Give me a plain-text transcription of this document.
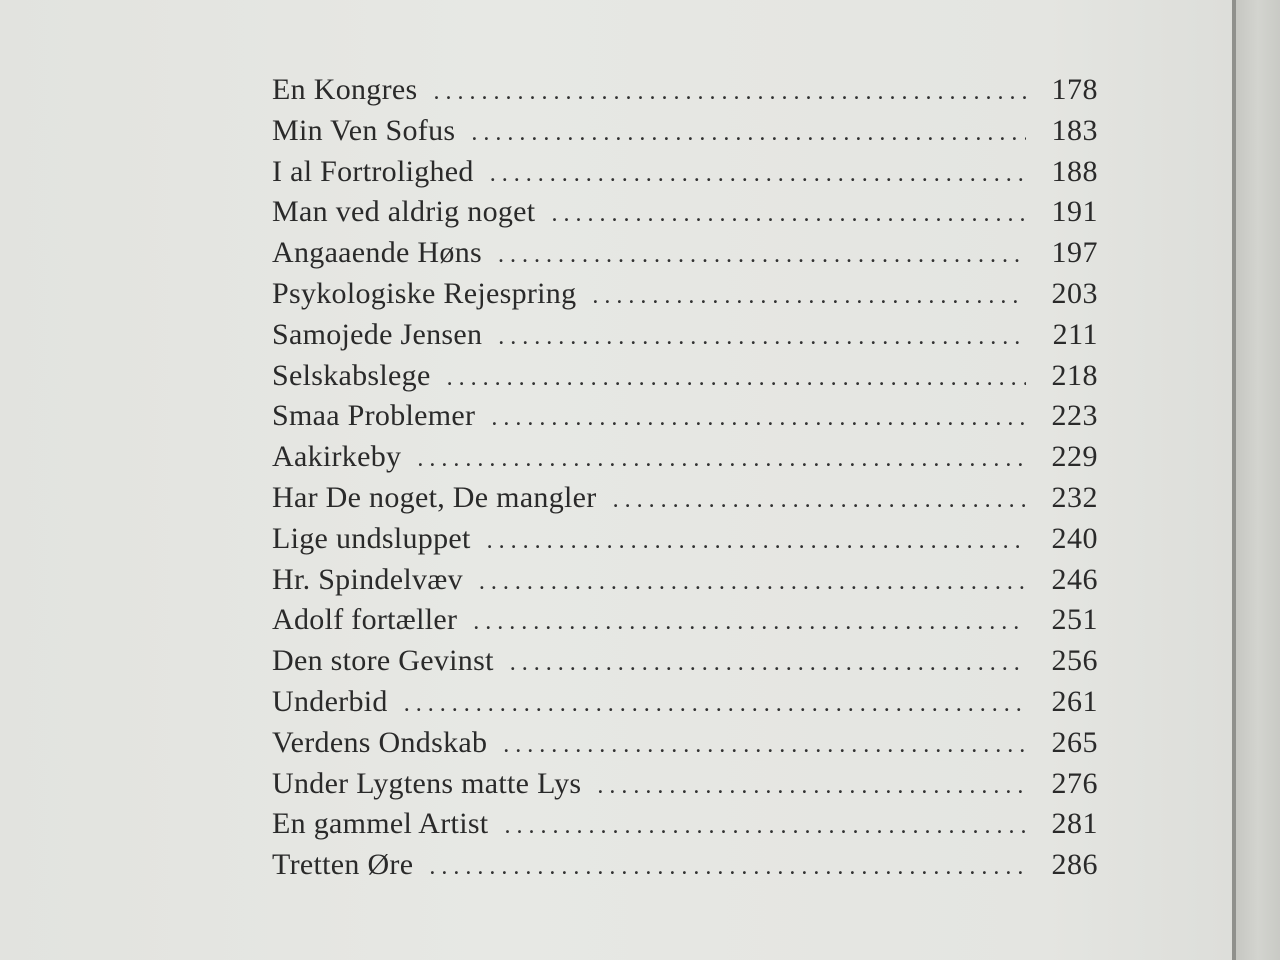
En Kongres . . .	178
Min Ven Sofus . . .	183
I al Fortrolighed . . .	188
Man ved aldrig noget . . .	191
Angaaende Høns . . .	197
Psykologiske Rejespring . . .	203
Samojede Jensen . . .	211
Selskabslege . . .	218
Smaa Problemer . . .	223
Aakirkeby . . .	229
Har De noget, De mangler . . .	232
Lige undsluppet . . .	240
Hr. Spindelvæv . . .	246
Adolf fortæller . . .	251
Den store Gevinst . . .	256
Underbid . . .	261
Verdens Ondskab . . .	265
Under Lygtens matte Lys . . .	276
En gammel Artist . . .	281
Tretten Øre . . .	286
